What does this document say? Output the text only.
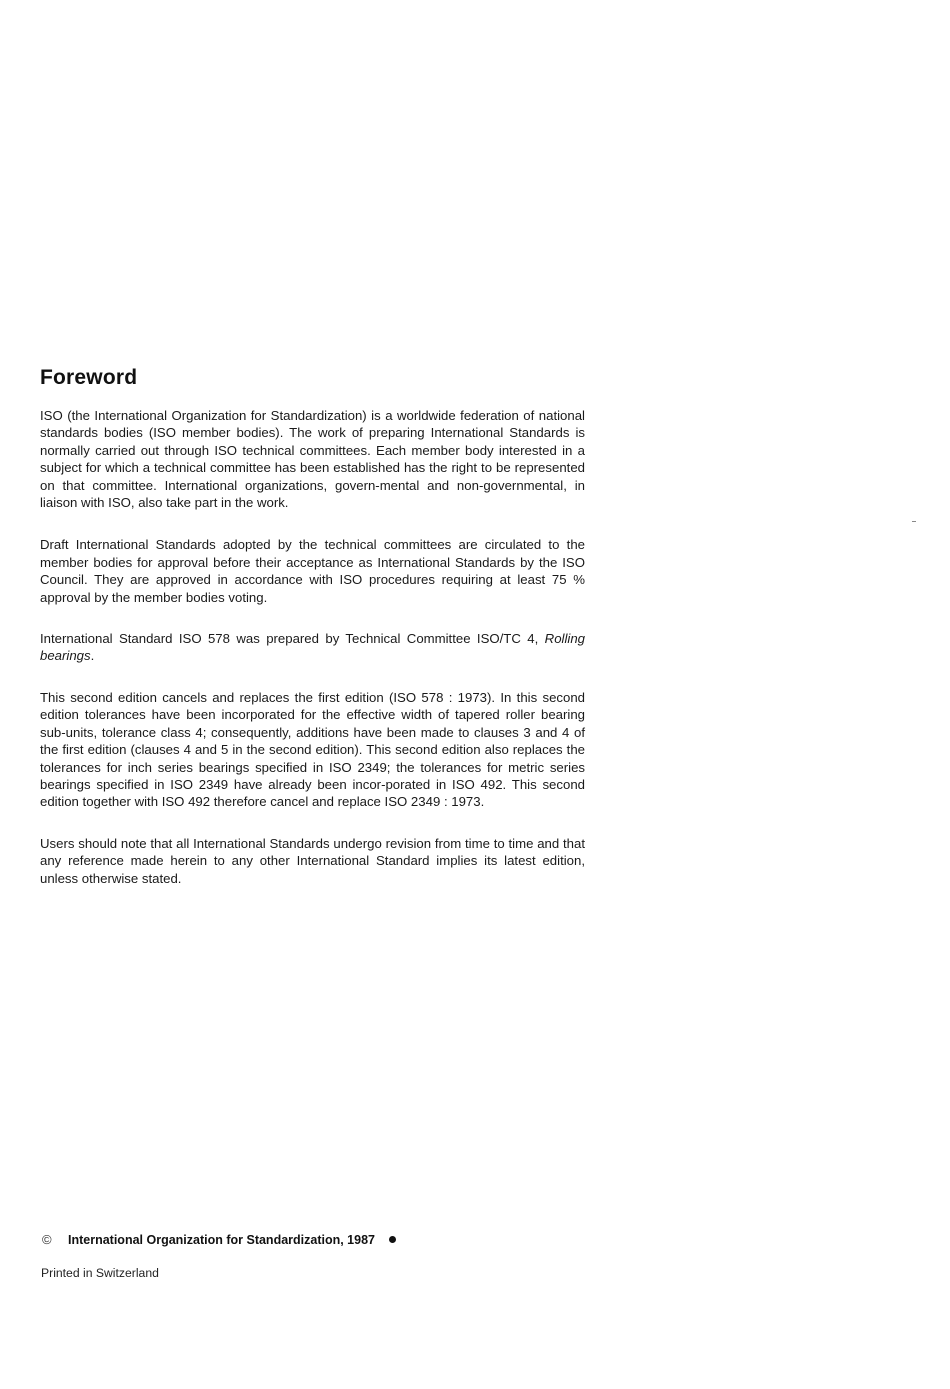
Foreword

ISO (the International Organization for Standardization) is a worldwide federation of national standards bodies (ISO member bodies). The work of preparing International Standards is normally carried out through ISO technical committees. Each member body interested in a subject for which a technical committee has been established has the right to be represented on that committee. International organizations, govern-mental and non-governmental, in liaison with ISO, also take part in the work.

Draft International Standards adopted by the technical committees are circulated to the member bodies for approval before their acceptance as International Standards by the ISO Council. They are approved in accordance with ISO procedures requiring at least 75 % approval by the member bodies voting.

International Standard ISO 578 was prepared by Technical Committee ISO/TC 4, Rolling bearings.

This second edition cancels and replaces the first edition (ISO 578 : 1973). In this second edition tolerances have been incorporated for the effective width of tapered roller bearing sub-units, tolerance class 4; consequently, additions have been made to clauses 3 and 4 of the first edition (clauses 4 and 5 in the second edition). This second edition also replaces the tolerances for inch series bearings specified in ISO 2349; the tolerances for metric series bearings specified in ISO 2349 have already been incor-porated in ISO 492. This second edition together with ISO 492 therefore cancel and replace ISO 2349 : 1973.

Users should note that all International Standards undergo revision from time to time and that any reference made herein to any other International Standard implies its latest edition, unless otherwise stated.

©	International Organization for Standardization, 1987
Printed in Switzerland
